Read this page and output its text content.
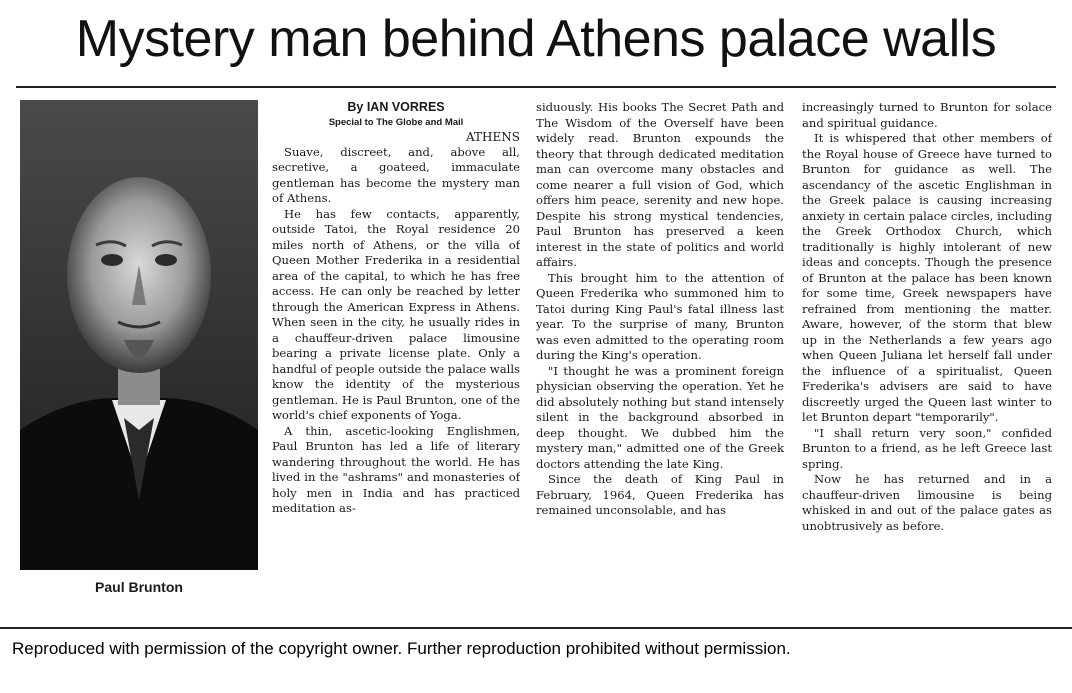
Mystery man behind Athens palace walls
Paul Brunton
By IAN VORRES
Special to The Globe and Mail
ATHENS

Suave, discreet, and, above all, secretive, a goateed, immaculate gentleman has become the mystery man of Athens.

He has few contacts, apparently, outside Tatoi, the Royal residence 20 miles north of Athens, or the villa of Queen Mother Frederika in a residential area of the capital, to which he has free access. He can only be reached by letter through the American Express in Athens. When seen in the city, he usually rides in a chauffeur-driven palace limousine bearing a private license plate. Only a handful of people outside the palace walls know the identity of the mysterious gentleman. He is Paul Brunton, one of the world's chief exponents of Yoga.

A thin, ascetic-looking Englishmen, Paul Brunton has led a life of literary wandering throughout the world. He has lived in the "ashrams" and monasteries of holy men in India and has practiced meditation as-

siduously. His books The Secret Path and The Wisdom of the Overself have been widely read. Brunton expounds the theory that through dedicated meditation man can overcome many obstacles and come nearer a full vision of God, which offers him peace, serenity and new hope. Despite his strong mystical tendencies, Paul Brunton has preserved a keen interest in the state of politics and world affairs.

This brought him to the attention of Queen Frederika who summoned him to Tatoi during King Paul's fatal illness last year. To the surprise of many, Brunton was even admitted to the operating room during the King's operation.

"I thought he was a prominent foreign physician observing the operation. Yet he did absolutely nothing but stand intensely silent in the background absorbed in deep thought. We dubbed him the mystery man," admitted one of the Greek doctors attending the late King.

Since the death of King Paul in February, 1964, Queen Frederika has remained unconsolable, and has

increasingly turned to Brunton for solace and spiritual guidance.

It is whispered that other members of the Royal house of Greece have turned to Brunton for guidance as well. The ascendancy of the ascetic Englishman in the Greek palace is causing increasing anxiety in certain palace circles, including the Greek Orthodox Church, which traditionally is highly intolerant of new ideas and concepts. Though the presence of Brunton at the palace has been known for some time, Greek newspapers have refrained from mentioning the matter. Aware, however, of the storm that blew up in the Netherlands a few years ago when Queen Juliana let herself fall under the influence of a spiritualist, Queen Frederika's advisers are said to have discreetly urged the Queen last winter to let Brunton depart "temporarily".

"I shall return very soon," confided Brunton to a friend, as he left Greece last spring.

Now he has returned and in a chauffeur-driven limousine is being whisked in and out of the palace gates as unobtrusively as before.

Reproduced with permission of the copyright owner. Further reproduction prohibited without permission.
